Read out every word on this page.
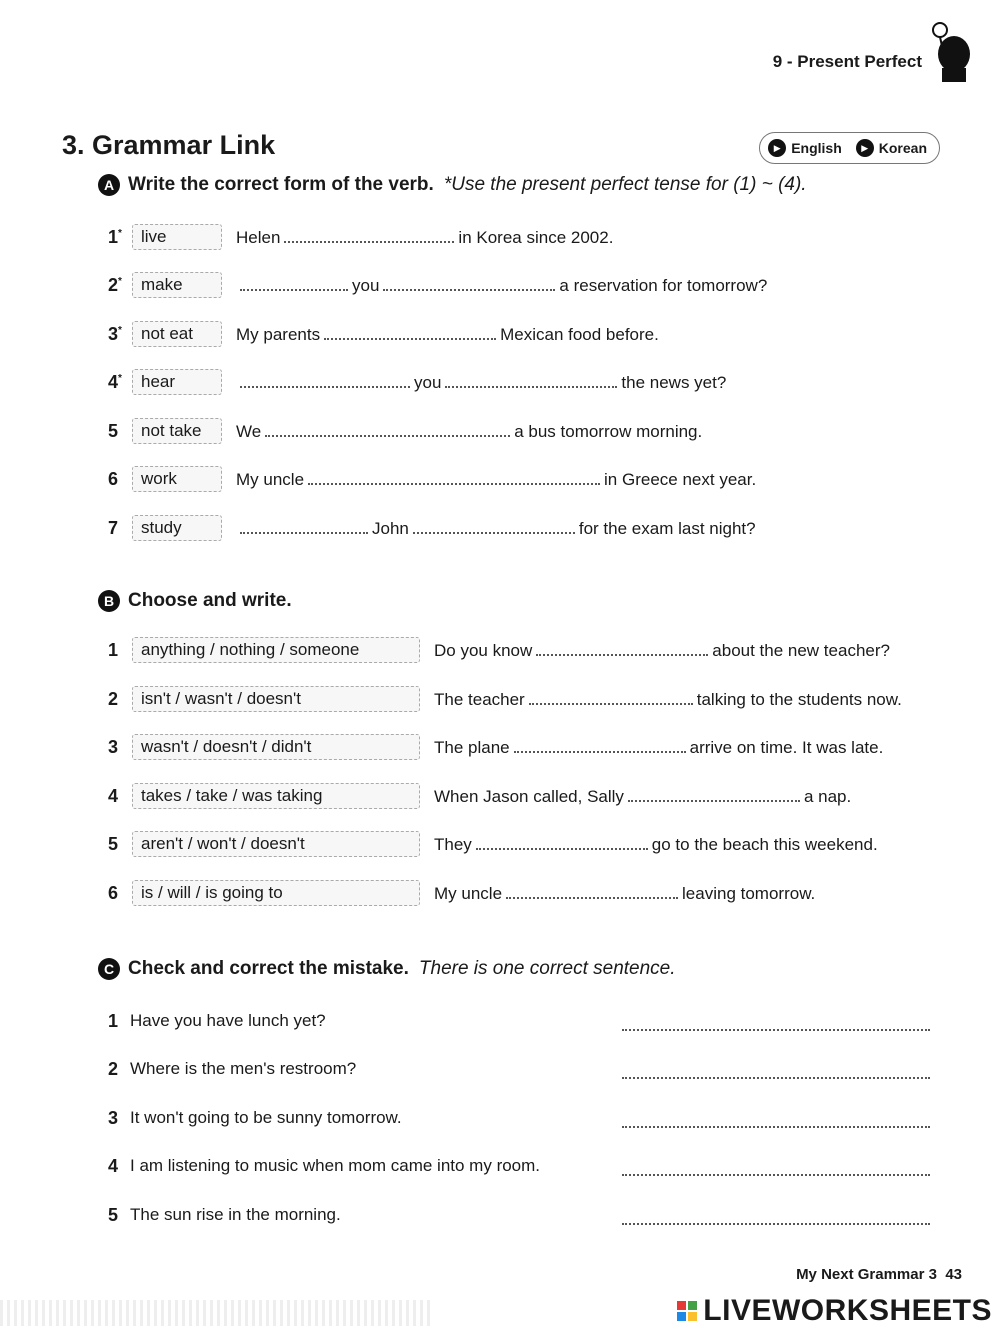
9 - Present Perfect
3. Grammar Link	▶ English	▶ Korean
A Write the correct form of the verb. *Use the present perfect tense for (1) ~ (4).
1*	live	Helen	in Korea since 2002.
2*	make	you	a reservation for tomorrow?
3*	not eat	My parents	Mexican food before.
4*	hear	you	the news yet?
5	not take	We	a bus tomorrow morning.
6	work	My uncle	in Greece next year.
7	study	John	for the exam last night?
B Choose and write.
1	anything / nothing / someone	Do you know	about the new teacher?
2	isn't / wasn't / doesn't	The teacher	talking to the students now.
3	wasn't / doesn't / didn't	The plane	arrive on time. It was late.
4	takes / take / was taking	When Jason called, Sally	a nap.
5	aren't / won't / doesn't	They	go to the beach this weekend.
6	is / will / is going to	My uncle	leaving tomorrow.
C Check and correct the mistake. There is one correct sentence.
1 Have you have lunch yet?
2 Where is the men's restroom?
3 It won't going to be sunny tomorrow.
4 I am listening to music when mom came into my room.
5 The sun rise in the morning.
My Next Grammar 3 43
LIVEWORKSHEETS
